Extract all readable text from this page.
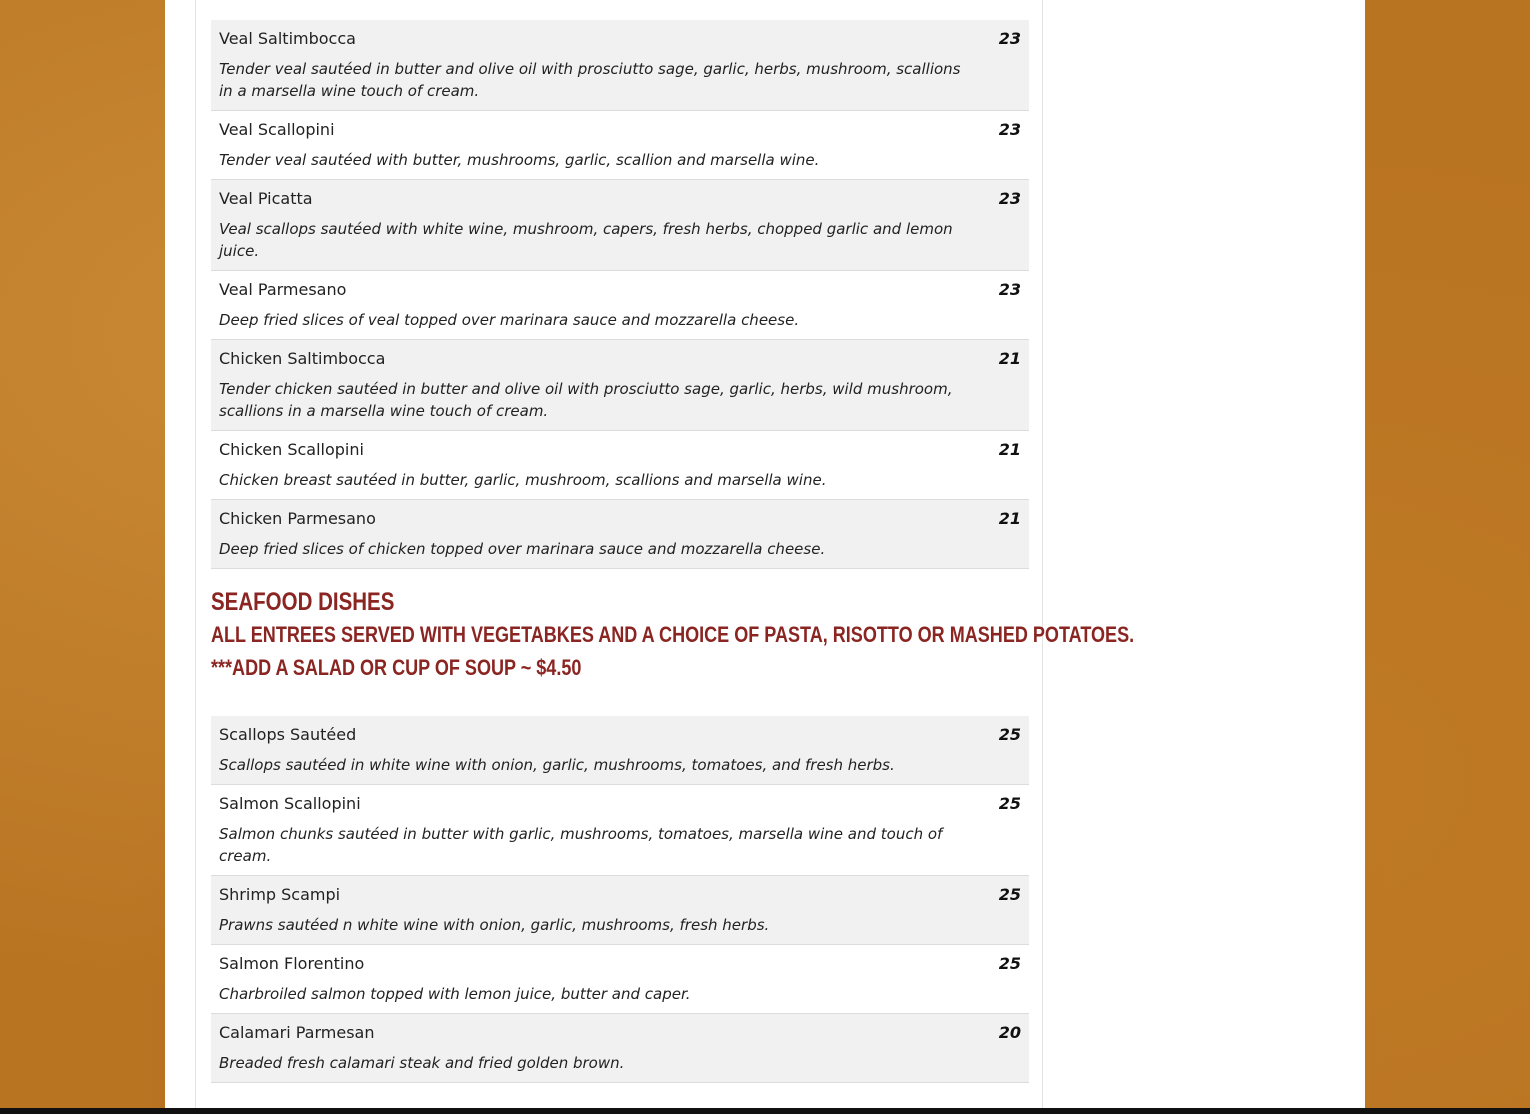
Veal Saltimbocca
Tender veal sautéed in butter and olive oil with prosciutto sage, garlic, herbs, mushroom, scallions in a marsella wine touch of cream.
23
Veal Scallopini
Tender veal sautéed with butter, mushrooms, garlic, scallion and marsella wine.
23
Veal Picatta
Veal scallops sautéed with white wine, mushroom, capers, fresh herbs, chopped garlic and lemon juice.
23
Veal Parmesano
Deep fried slices of veal topped over marinara sauce and mozzarella cheese.
23
Chicken Saltimbocca
Tender chicken sautéed in butter and olive oil with prosciutto sage, garlic, herbs, wild mushroom, scallions in a marsella wine touch of cream.
21
Chicken Scallopini
Chicken breast sautéed in butter, garlic, mushroom, scallions and marsella wine.
21
Chicken Parmesano
Deep fried slices of chicken topped over marinara sauce and mozzarella cheese.
21
SEAFOOD DISHES
ALL ENTREES SERVED WITH VEGETABKES AND A CHOICE OF PASTA, RISOTTO OR MASHED POTATOES.
***ADD A SALAD OR CUP OF SOUP ~ $4.50
Scallops Sautéed
Scallops sautéed in white wine with onion, garlic, mushrooms, tomatoes, and fresh herbs.
25
Salmon Scallopini
Salmon chunks sautéed in butter with garlic, mushrooms, tomatoes, marsella wine and touch of cream.
25
Shrimp Scampi
Prawns sautéed n white wine with onion, garlic, mushrooms, fresh herbs.
25
Salmon Florentino
Charbroiled salmon topped with lemon juice, butter and caper.
25
Calamari Parmesan
Breaded fresh calamari steak and fried golden brown.
20
